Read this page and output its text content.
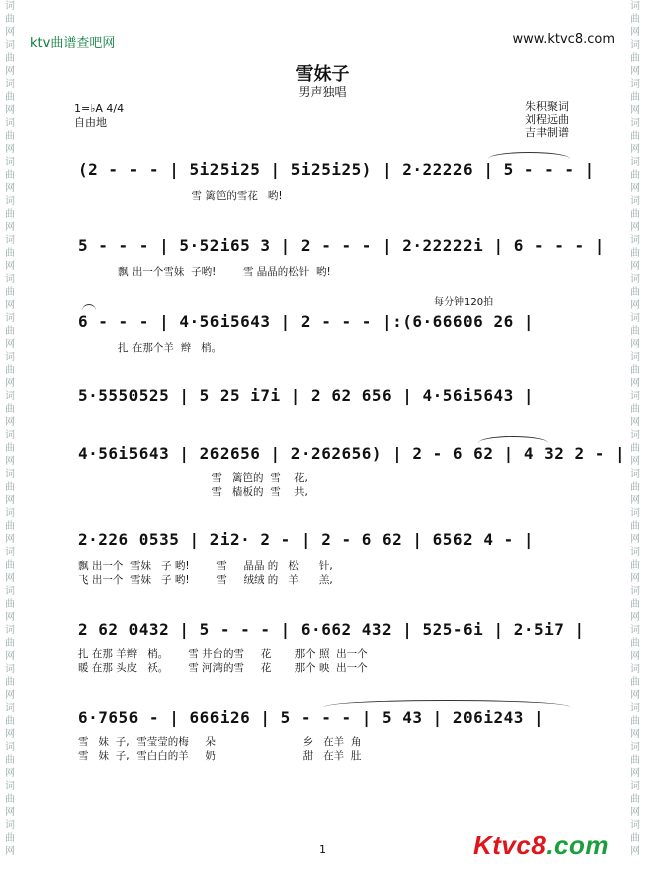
词曲网词曲网词曲网词曲网词曲网词曲网词曲网词曲网词曲网词曲网词曲网词曲网词曲网词曲网词曲网词曲网词曲网词曲网词曲网词曲网词曲网词曲网
词曲网词曲网词曲网词曲网词曲网词曲网词曲网词曲网词曲网词曲网词曲网词曲网词曲网词曲网词曲网词曲网词曲网词曲网词曲网词曲网词曲网词曲网
ktv曲谱查吧网	www.ktvc8.com
雪妹子
男声独唱
1=♭A 4/4
自由地
朱积聚词
刘程远曲
吉聿制谱
每分钟120拍
(2 - - - | 5i25i25 | 5i25i25) | 2·22226 | 5 - - - |
雪 篱笆的雪花   哟!
5 - - - | 5·52i65 3 | 2 - - - | 2·22222i | 6 - - - |
飘 出一个雪妹  子哟!        雪 晶晶的松针  哟!
6 - - - | 4·56i5643 | 2 - - - |:(6·66606 26 |
扎 在那个羊  辫   梢。
5·5550525 | 5 25 i7i | 2 62 656 | 4·56i5643 |
4·56i5643 | 262656 | 2·262656) | 2 - 6 62 | 4 32 2 - |
雪   篱笆的  雪    花,
雪   樯板的  雪    共,
2·226 0535 | 2i2· 2 - | 2 - 6 62 | 6562 4 - |
飘 出一个  雪妹   子 哟!        雪     晶晶 的   松      针,
飞 出一个  雪妹   子 哟!        雪     绒绒 的   羊      羔,
2 62 0432 | 5 - - - | 6·662 432 | 525-6i | 2·5i7 |
扎 在那 羊辫   梢。      雪 井台的雪     花       那个 照  出一个
暖 在那 头皮   袄。      雪 河湾的雪     花       那个 映  出一个
6·7656 - | 666i26 | 5 - - - | 5 43 | 206i243 |
雪   妹  子,  雪莹莹的梅     朵                          乡   在羊  角
雪   妹  子,  雪白白的羊     奶                          甜   在羊  肚
1	Ktvc8.com
